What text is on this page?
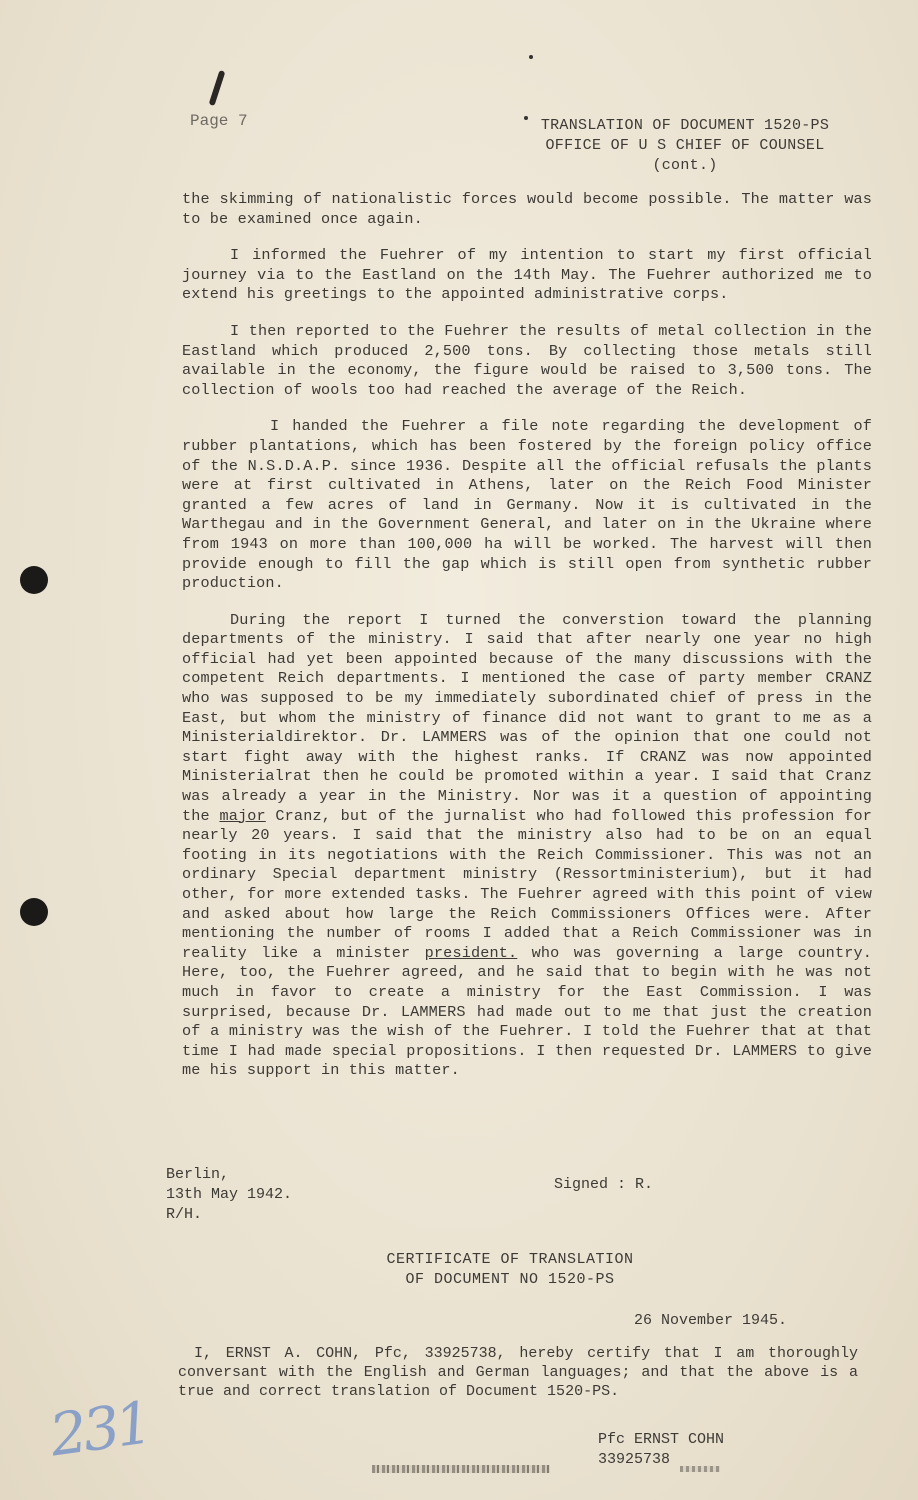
Page 7	TRANSLATION OF DOCUMENT 1520-PS
OFFICE OF U S CHIEF OF COUNSEL
(cont.)

the skimming of nationalistic forces would become possible. The matter was to be examined once again.

I informed the Fuehrer of my intention to start my first official journey via to the Eastland on the 14th May. The Fuehrer authorized me to extend his greetings to the appointed administrative corps.

I then reported to the Fuehrer the results of metal collection in the Eastland which produced 2,500 tons. By collecting those metals still available in the economy, the figure would be raised to 3,500 tons. The collection of wools too had reached the average of the Reich.

I handed the Fuehrer a file note regarding the development of rubber plantations, which has been fostered by the foreign policy office of the N.S.D.A.P. since 1936. Despite all the official refusals the plants were at first cultivated in Athens, later on the Reich Food Minister granted a few acres of land in Germany. Now it is cultivated in the Warthegau and in the Government General, and later on in the Ukraine where from 1943 on more than 100,000 ha will be worked. The harvest will then provide enough to fill the gap which is still open from synthetic rubber production.

During the report I turned the converstion toward the planning departments of the ministry. I said that after nearly one year no high official had yet been appointed because of the many discussions with the competent Reich departments. I mentioned the case of party member CRANZ who was supposed to be my immediately subordinated chief of press in the East, but whom the ministry of finance did not want to grant to me as a Ministerialdirektor. Dr. LAMMERS was of the opinion that one could not start fight away with the highest ranks. If CRANZ was now appointed Ministerialrat then he could be promoted within a year. I said that Cranz was already a year in the Ministry. Nor was it a question of appointing the major Cranz, but of the jurnalist who had followed this profession for nearly 20 years. I said that the ministry also had to be on an equal footing in its negotiations with the Reich Commissioner. This was not an ordinary Special department ministry (Ressortministerium), but it had other, for more extended tasks. The Fuehrer agreed with this point of view and asked about how large the Reich Commissioners Offices were. After mentioning the number of rooms I added that a Reich Commissioner was in reality like a minister president. who was governing a large country. Here, too, the Fuehrer agreed, and he said that to begin with he was not much in favor to create a ministry for the East Commission. I was surprised, because Dr. LAMMERS had made out to me that just the creation of a ministry was the wish of the Fuehrer. I told the Fuehrer that at that time I had made special propositions. I then requested Dr. LAMMERS to give me his support in this matter.

Berlin,
13th May 1942.
R/H.
Signed : R.
CERTIFICATE OF TRANSLATION
OF DOCUMENT NO 1520-PS
26 November 1945.
I, ERNST A. COHN, Pfc, 33925738, hereby certify that I am thoroughly conversant with the English and German languages; and that the above is a true and correct translation of Document 1520-PS.
Pfc ERNST COHN
33925738
231
